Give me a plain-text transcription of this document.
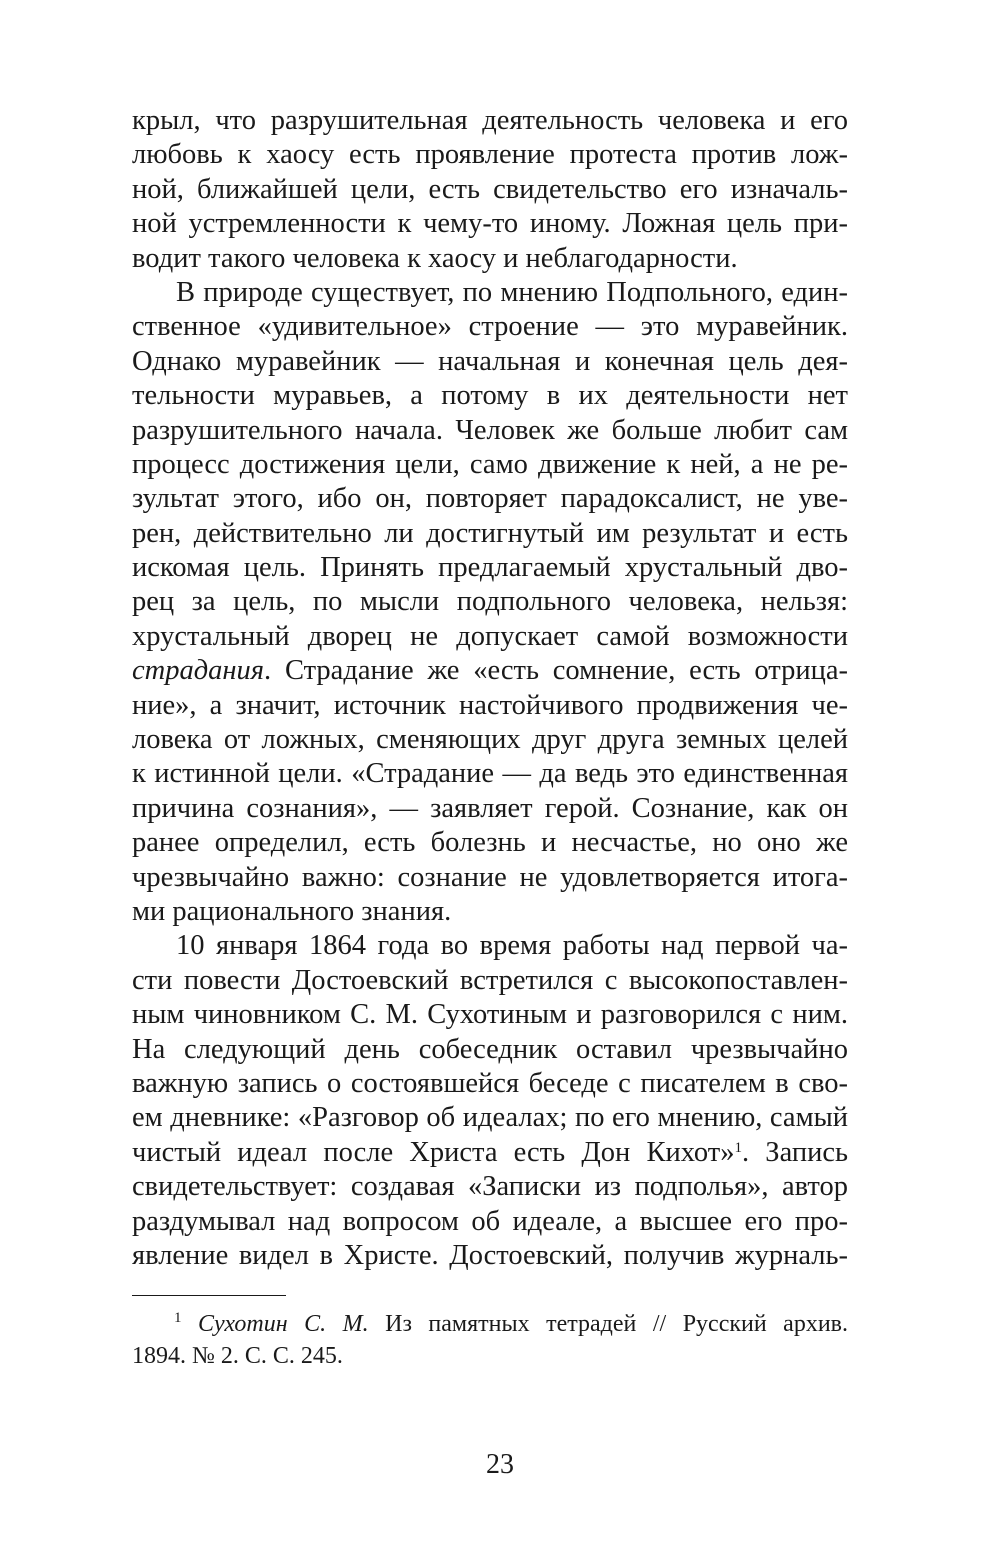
крыл, что разрушительная деятельность человека и его
любовь к хаосу есть проявление протеста против лож-
ной, ближайшей цели, есть свидетельство его изначаль-
ной устремленности к чему-то иному. Ложная цель при-
водит такого человека к хаосу и неблагодарности.
В природе существует, по мнению Подпольного, един-
ственное «удивительное» строение — это муравейник.
Однако муравейник — начальная и конечная цель дея-
тельности муравьев, а потому в их деятельности нет
разрушительного начала. Человек же больше любит сам
процесс достижения цели, само движение к ней, а не ре-
зультат этого, ибо он, повторяет парадоксалист, не уве-
рен, действительно ли достигнутый им результат и есть
искомая цель. Принять предлагаемый хрустальный дво-
рец за цель, по мысли подпольного человека, нельзя:
хрустальный дворец не допускает самой возможности
страдания. Страдание же «есть сомнение, есть отрица-
ние», а значит, источник настойчивого продвижения че-
ловека от ложных, сменяющих друг друга земных целей
к истинной цели. «Страдание — да ведь это единственная
причина сознания», — заявляет герой. Сознание, как он
ранее определил, есть болезнь и несчастье, но оно же
чрезвычайно важно: сознание не удовлетворяется итога-
ми рационального знания.
10 января 1864 года во время работы над первой ча-
сти повести Достоевский встретился с высокопоставлен-
ным чиновником С. М. Сухотиным и разговорился с ним.
На следующий день собеседник оставил чрезвычайно
важную запись о состоявшейся беседе с писателем в сво-
ем дневнике: «Разговор об идеалах; по его мнению, самый
чистый идеал после Христа есть Дон Кихот»$^1$. Запись
свидетельствует: создавая «Записки из подполья», автор
раздумывал над вопросом об идеале, а высшее его про-
явление видел в Христе. Достоевский, получив журналь-
$^1$ Сухотин С. М. Из памятных тетрадей // Русский архив.
1894. № 2. С. С. 245.
23
